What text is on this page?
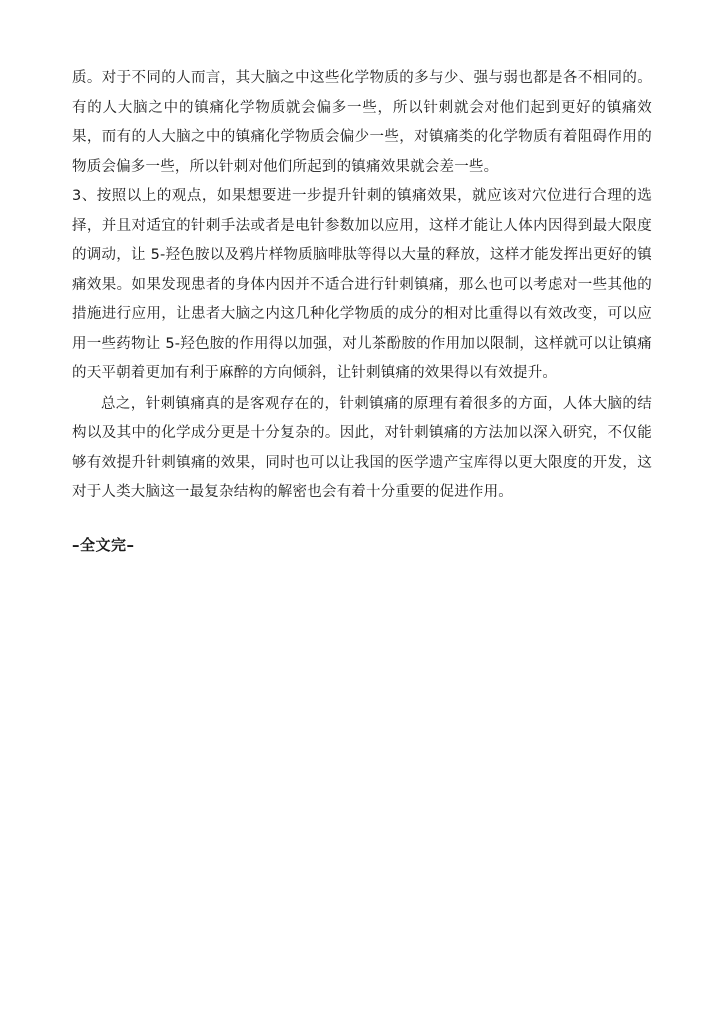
质。对于不同的人而言，其大脑之中这些化学物质的多与少、强与弱也都是各不相同的。有的人大脑之中的镇痛化学物质就会偏多一些，所以针刺就会对他们起到更好的镇痛效果，而有的人大脑之中的镇痛化学物质会偏少一些，对镇痛类的化学物质有着阻碍作用的物质会偏多一些，所以针刺对他们所起到的镇痛效果就会差一些。

3、按照以上的观点，如果想要进一步提升针刺的镇痛效果，就应该对穴位进行合理的选择，并且对适宜的针刺手法或者是电针参数加以应用，这样才能让人体内因得到最大限度的调动，让 5-羟色胺以及鸦片样物质脑啡肽等得以大量的释放，这样才能发挥出更好的镇痛效果。如果发现患者的身体内因并不适合进行针刺镇痛，那么也可以考虑对一些其他的措施进行应用，让患者大脑之内这几种化学物质的成分的相对比重得以有效改变，可以应用一些药物让 5-羟色胺的作用得以加强，对儿茶酚胺的作用加以限制，这样就可以让镇痛的天平朝着更加有利于麻醉的方向倾斜，让针刺镇痛的效果得以有效提升。

总之，针刺镇痛真的是客观存在的，针刺镇痛的原理有着很多的方面，人体大脑的结构以及其中的化学成分更是十分复杂的。因此，对针刺镇痛的方法加以深入研究，不仅能够有效提升针刺镇痛的效果，同时也可以让我国的医学遗产宝库得以更大限度的开发，这对于人类大脑这一最复杂结构的解密也会有着十分重要的促进作用。

–全文完–
